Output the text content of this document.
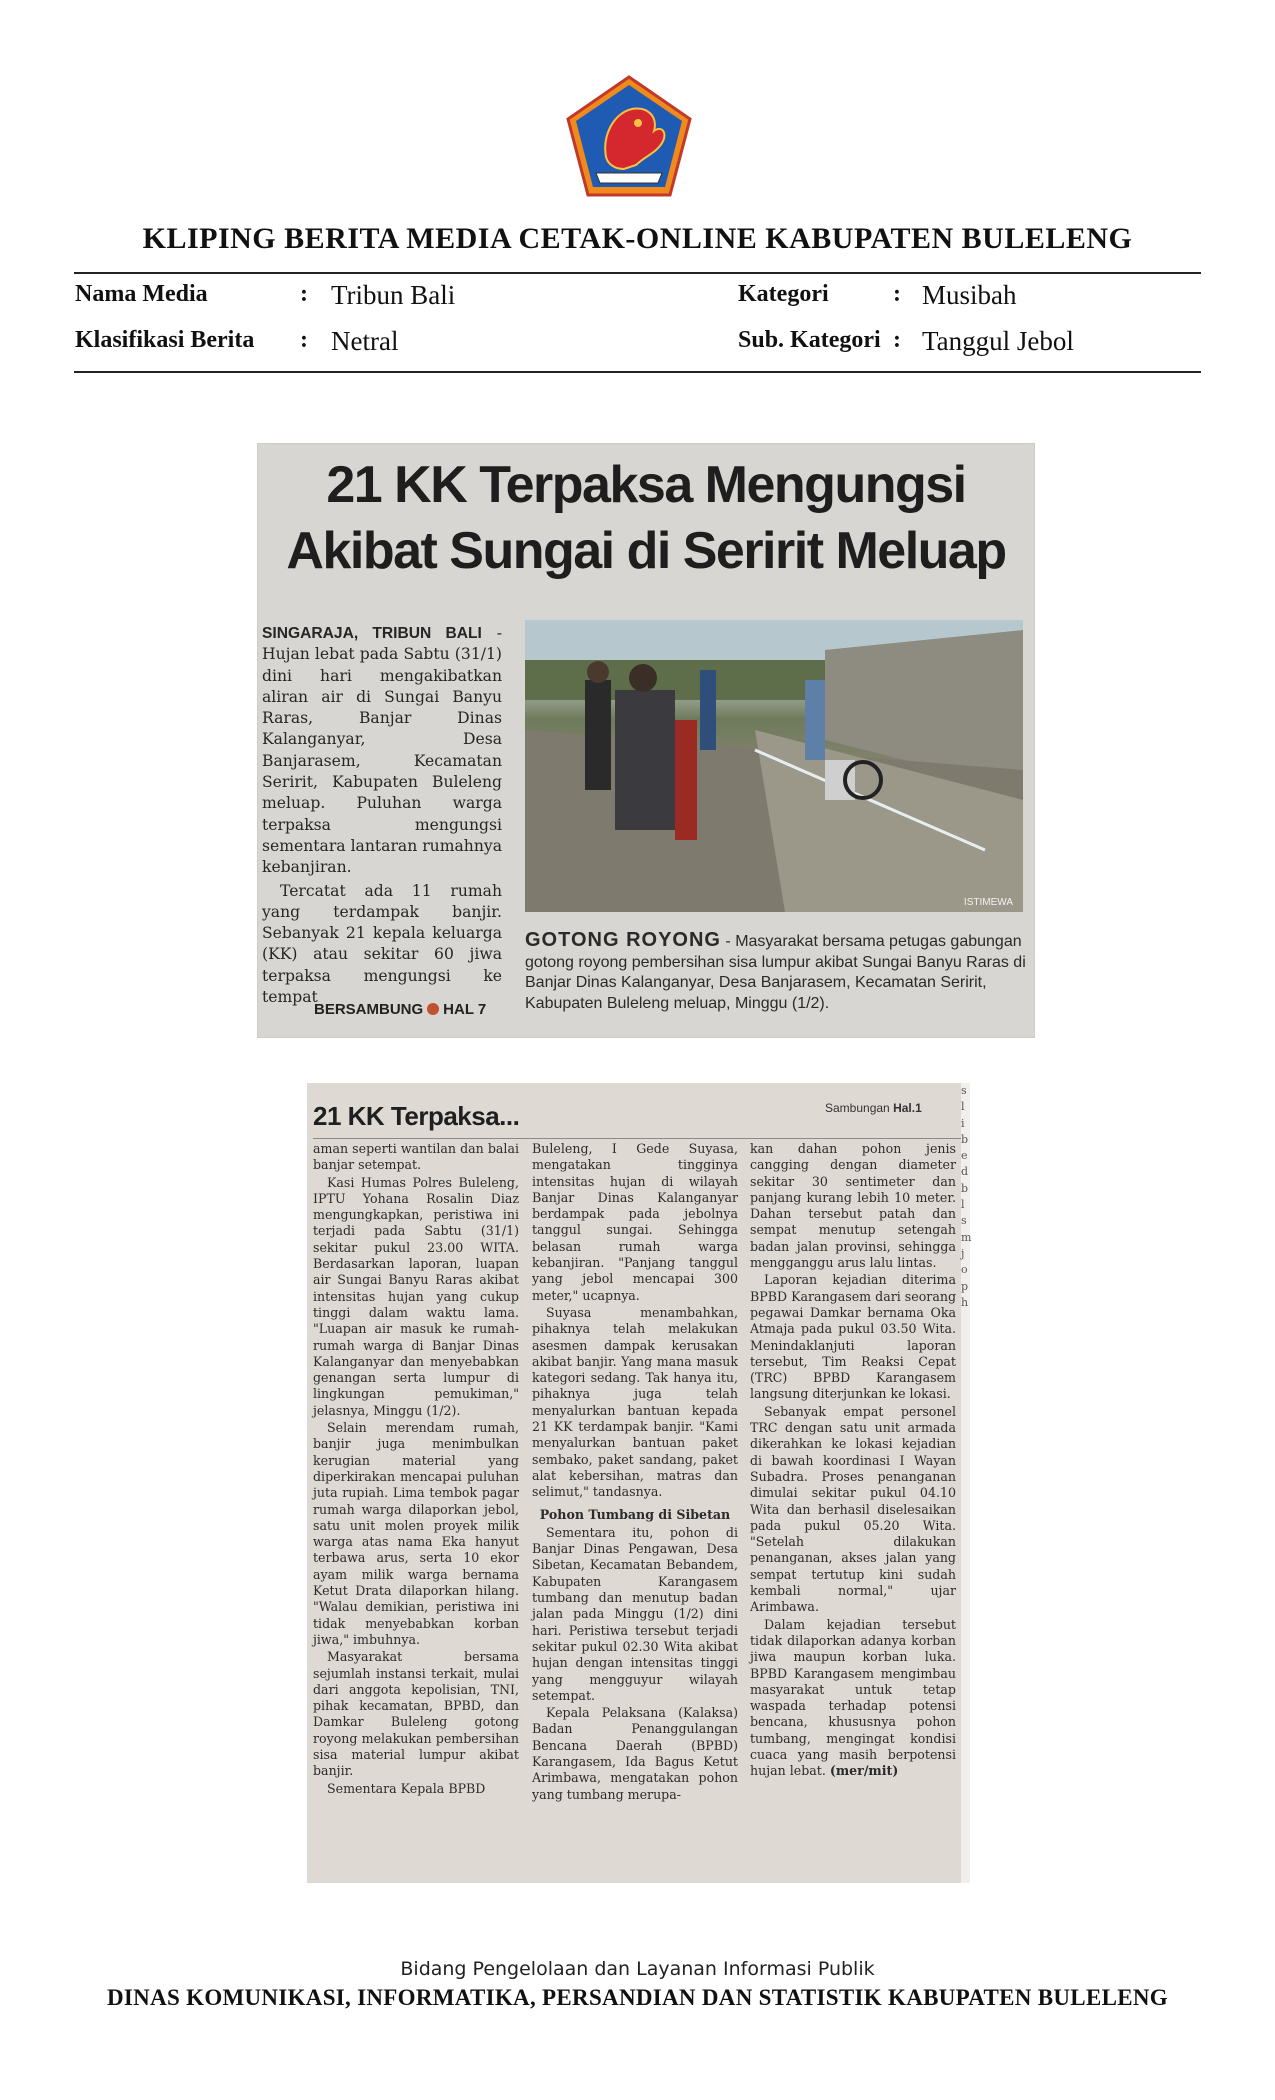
KLIPING BERITA MEDIA CETAK-ONLINE KABUPATEN BULELENG
Nama Media	: Tribun Bali
Klasifikasi Berita : Netral
Kategori	: Musibah
Sub. Kategori : Tanggul Jebol
21 KK Terpaksa Mengungsi
Akibat Sungai di Seririt Meluap

SINGARAJA, TRIBUN BALI - Hujan lebat pada Sabtu (31/1) dini hari mengakibatkan aliran air di Sungai Banyu Raras, Banjar Dinas Kalanganyar, Desa Banjarasem, Kecamatan Seririt, Kabupaten Buleleng meluap. Puluhan warga terpaksa mengungsi sementara lantaran rumahnya kebanjiran.

Tercatat ada 11 rumah yang terdampak banjir. Sebanyak 21 kepala keluarga (KK) atau sekitar 60 jiwa terpaksa mengungsi ke tempat

ISTIMEWA
GOTONG ROYONG - Masyarakat bersama petugas gabungan gotong royong pembersihan sisa lumpur akibat Sungai Banyu Raras di Banjar Dinas Kalanganyar, Desa Banjarasem, Kecamatan Seririt, Kabupaten Buleleng meluap, Minggu (1/2).
BERSAMBUNG HAL 7
21 KK Terpaksa...	Sambungan Hal.1

aman seperti wantilan dan balai banjar setempat.

Kasi Humas Polres Buleleng, IPTU Yohana Rosalin Diaz mengungkapkan, peristiwa ini terjadi pada Sabtu (31/1) sekitar pukul 23.00 WITA. Berdasarkan laporan, luapan air Sungai Banyu Raras akibat intensitas hujan yang cukup tinggi dalam waktu lama. "Luapan air masuk ke rumah-rumah warga di Banjar Dinas Kalanganyar dan menyebabkan genangan serta lumpur di lingkungan pemukiman," jelasnya, Minggu (1/2).

Selain merendam rumah, banjir juga menimbulkan kerugian material yang diperkirakan mencapai puluhan juta rupiah. Lima tembok pagar rumah warga dilaporkan jebol, satu unit molen proyek milik warga atas nama Eka hanyut terbawa arus, serta 10 ekor ayam milik warga bernama Ketut Drata dilaporkan hilang. "Walau demikian, peristiwa ini tidak menyebabkan korban jiwa," imbuhnya.

Masyarakat bersama sejumlah instansi terkait, mulai dari anggota kepolisian, TNI, pihak kecamatan, BPBD, dan Damkar Buleleng gotong royong melakukan pembersihan sisa material lumpur akibat banjir.

Sementara Kepala BPBD

Buleleng, I Gede Suyasa, mengatakan tingginya intensitas hujan di wilayah Banjar Dinas Kalanganyar berdampak pada jebolnya tanggul sungai. Sehingga belasan rumah warga kebanjiran. "Panjang tanggul yang jebol mencapai 300 meter," ucapnya.

Suyasa menambahkan, pihaknya telah melakukan asesmen dampak kerusakan akibat banjir. Yang mana masuk kategori sedang. Tak hanya itu, pihaknya juga telah menyalurkan bantuan kepada 21 KK terdampak banjir. "Kami menyalurkan bantuan paket sembako, paket sandang, paket alat kebersihan, matras dan selimut," tandasnya.

Pohon Tumbang di Sibetan

Sementara itu, pohon di Banjar Dinas Pengawan, Desa Sibetan, Kecamatan Bebandem, Kabupaten Karangasem tumbang dan menutup badan jalan pada Minggu (1/2) dini hari. Peristiwa tersebut terjadi sekitar pukul 02.30 Wita akibat hujan dengan intensitas tinggi yang mengguyur wilayah setempat.

Kepala Pelaksana (Kalaksa) Badan Penanggulangan Bencana Daerah (BPBD) Karangasem, Ida Bagus Ketut Arimbawa, mengatakan pohon yang tumbang merupa-

kan dahan pohon jenis cangging dengan diameter sekitar 30 sentimeter dan panjang kurang lebih 10 meter. Dahan tersebut patah dan sempat menutup setengah badan jalan provinsi, sehingga mengganggu arus lalu lintas.

Laporan kejadian diterima BPBD Karangasem dari seorang pegawai Damkar bernama Oka Atmaja pada pukul 03.50 Wita. Menindaklanjuti laporan tersebut, Tim Reaksi Cepat (TRC) BPBD Karangasem langsung diterjunkan ke lokasi.

Sebanyak empat personel TRC dengan satu unit armada dikerahkan ke lokasi kejadian di bawah koordinasi I Wayan Subadra. Proses penanganan dimulai sekitar pukul 04.10 Wita dan berhasil diselesaikan pada pukul 05.20 Wita. "Setelah dilakukan penanganan, akses jalan yang sempat tertutup kini sudah kembali normal," ujar Arimbawa.

Dalam kejadian tersebut tidak dilaporkan adanya korban jiwa maupun korban luka. BPBD Karangasem mengimbau masyarakat untuk tetap waspada terhadap potensi bencana, khususnya pohon tumbang, mengingat kondisi cuaca yang masih berpotensi hujan lebat. (mer/mit)

s l i b e d b l s m j o p h
Bidang Pengelolaan dan Layanan Informasi Publik
DINAS KOMUNIKASI, INFORMATIKA, PERSANDIAN DAN STATISTIK KABUPATEN BULELENG
